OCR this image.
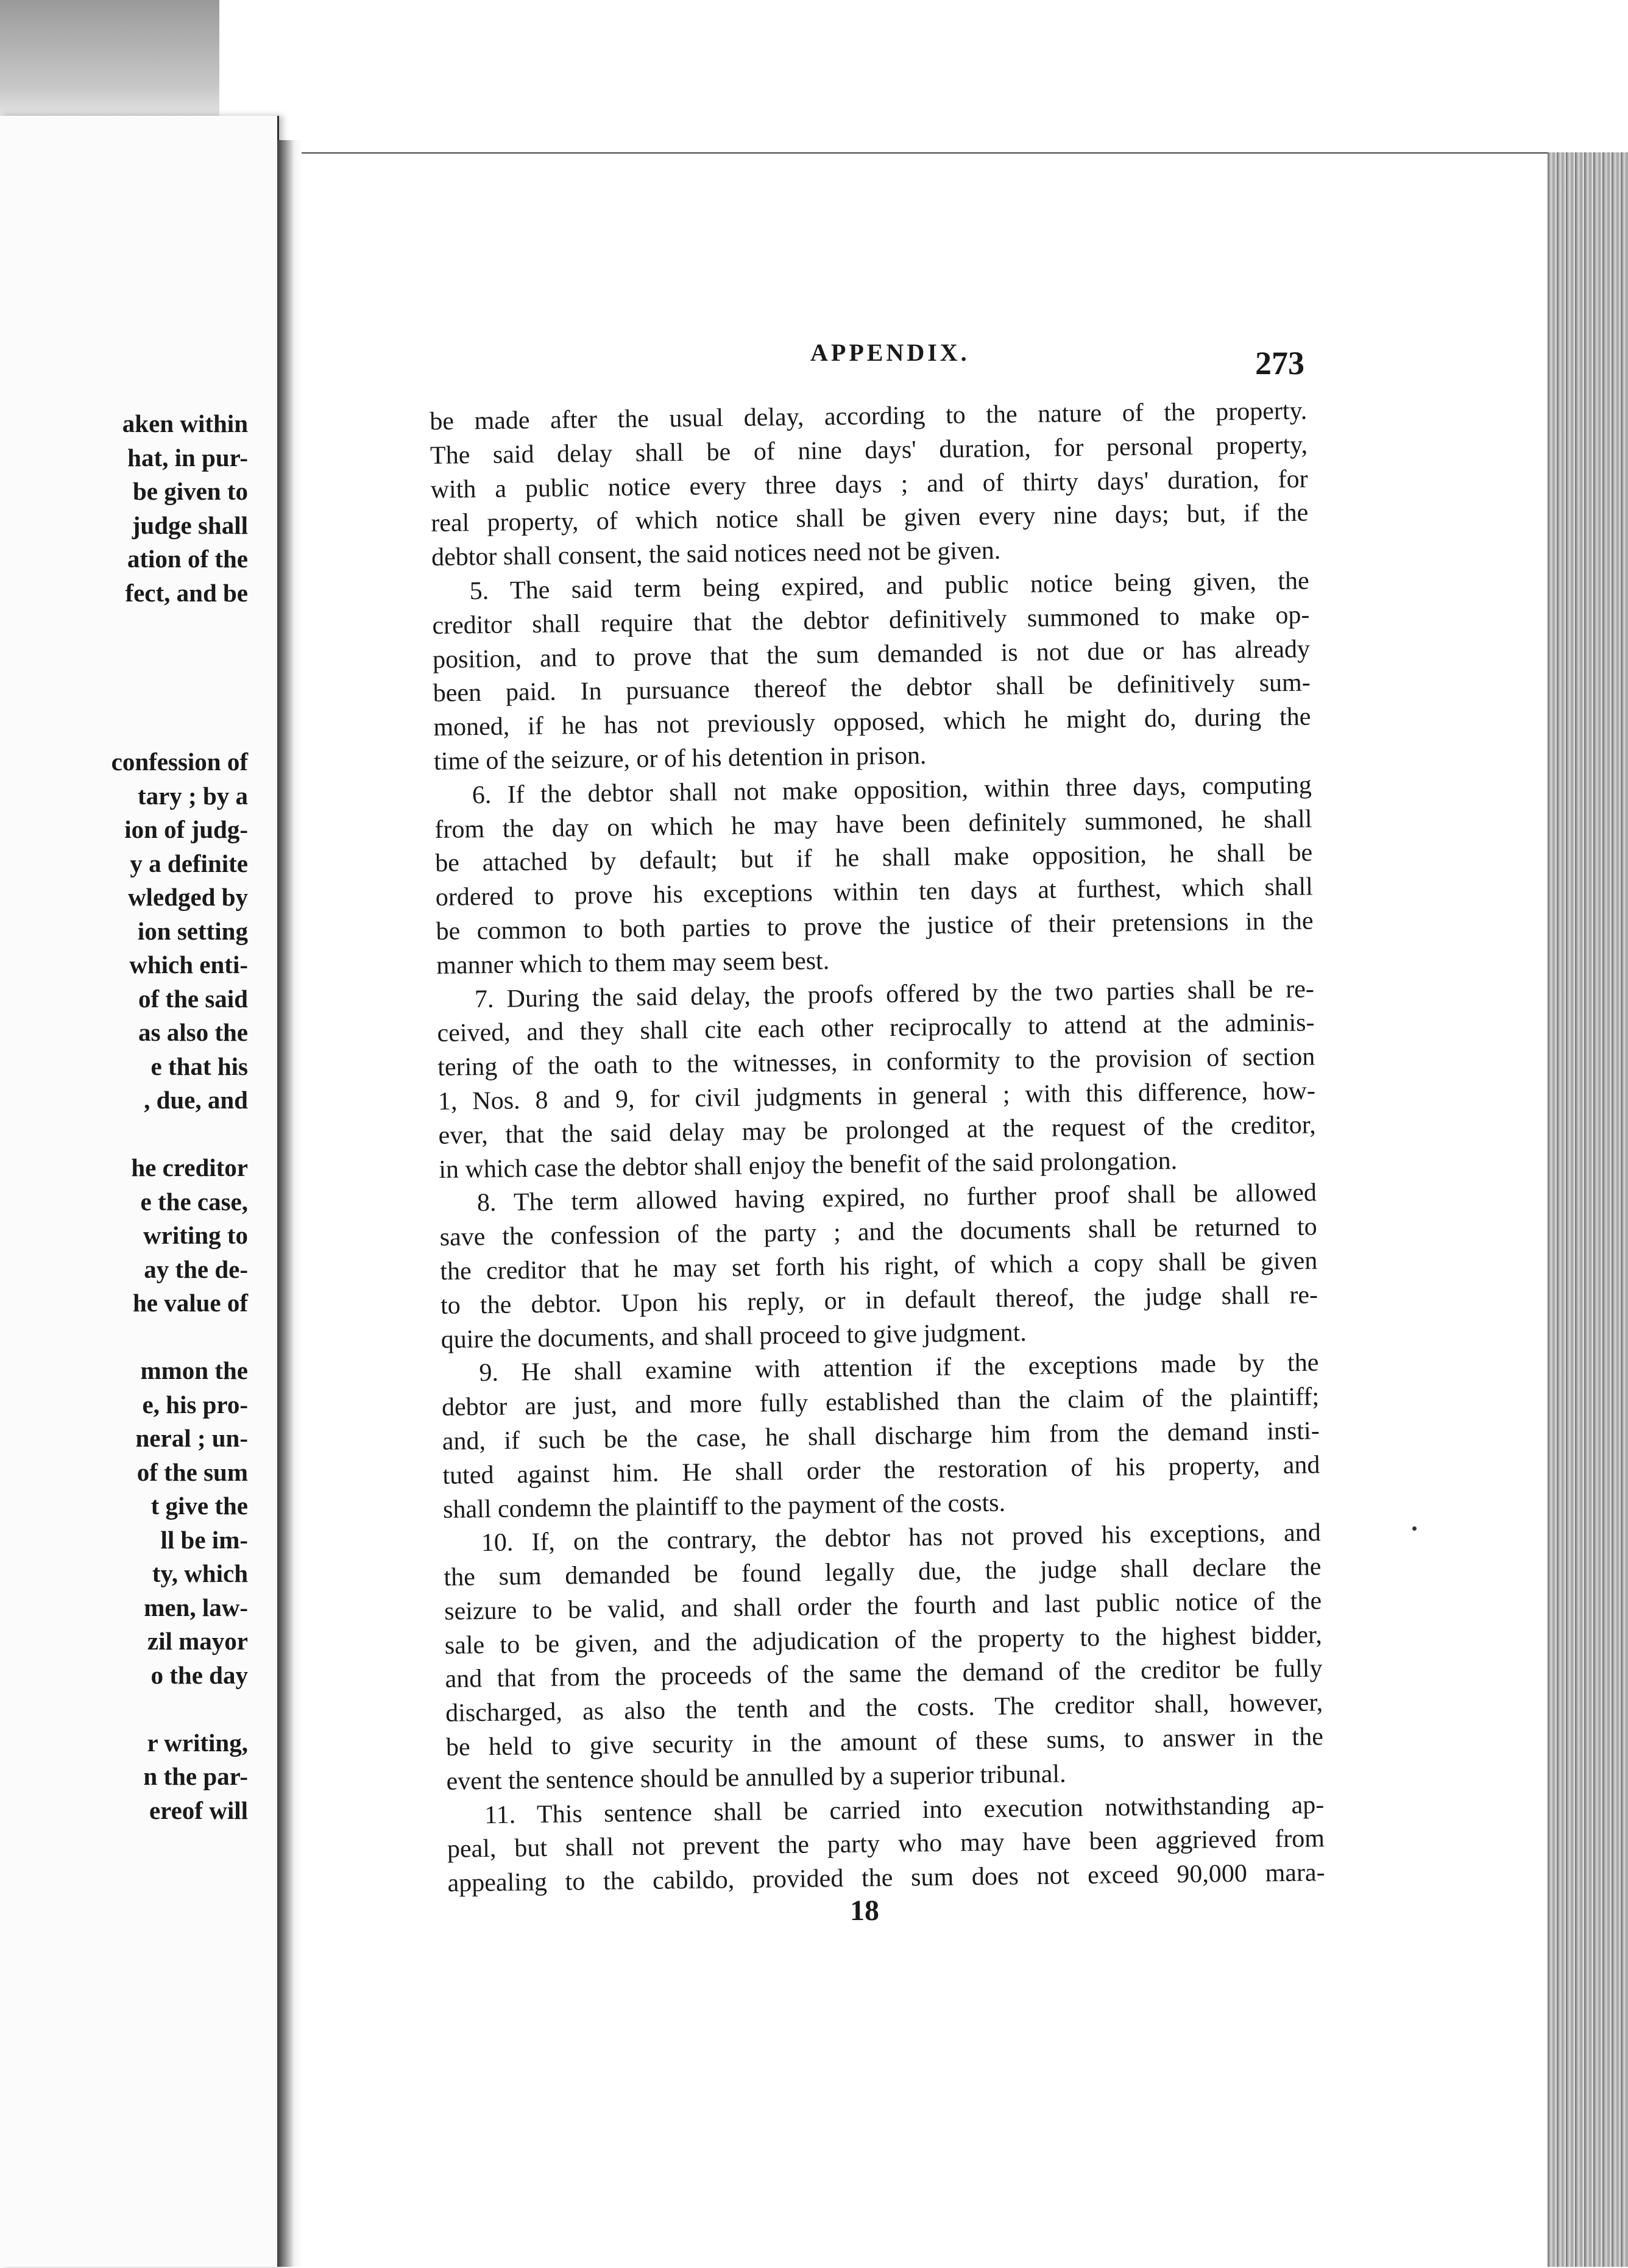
aken within
hat, in pur-
be given to
judge shall
ation of the
fect, and be

confession of
tary ; by a
ion of judg-
y a definite
wledged by
ion setting
which enti-
of the said
as also the
e that his
, due, and

he creditor
e the case,
writing to
ay the de-
he value of

mmon the
e, his pro-
neral ; un-
of the sum
t give the
ll be im-
ty, which
men, law-
zil mayor
o the day

r writing,
n the par-
ereof will
APPENDIX.	273

be made after the usual delay, according to the nature of the property.
The said delay shall be of nine days' duration, for personal property,
with a public notice every three days ; and of thirty days' duration, for
real property, of which notice shall be given every nine days; but, if the
debtor shall consent, the said notices need not be given.

5. The said term being expired, and public notice being given, the
creditor shall require that the debtor definitively summoned to make op-
position, and to prove that the sum demanded is not due or has already
been paid. In pursuance thereof the debtor shall be definitively sum-
moned, if he has not previously opposed, which he might do, during the
time of the seizure, or of his detention in prison.

6. If the debtor shall not make opposition, within three days, computing
from the day on which he may have been definitely summoned, he shall
be attached by default; but if he shall make opposition, he shall be
ordered to prove his exceptions within ten days at furthest, which shall
be common to both parties to prove the justice of their pretensions in the
manner which to them may seem best.

7. During the said delay, the proofs offered by the two parties shall be re-
ceived, and they shall cite each other reciprocally to attend at the adminis-
tering of the oath to the witnesses, in conformity to the provision of section
1, Nos. 8 and 9, for civil judgments in general ; with this difference, how-
ever, that the said delay may be prolonged at the request of the creditor,
in which case the debtor shall enjoy the benefit of the said prolongation.

8. The term allowed having expired, no further proof shall be allowed
save the confession of the party ; and the documents shall be returned to
the creditor that he may set forth his right, of which a copy shall be given
to the debtor. Upon his reply, or in default thereof, the judge shall re-
quire the documents, and shall proceed to give judgment.

9. He shall examine with attention if the exceptions made by the
debtor are just, and more fully established than the claim of the plaintiff;
and, if such be the case, he shall discharge him from the demand insti-
tuted against him. He shall order the restoration of his property, and
shall condemn the plaintiff to the payment of the costs.

10. If, on the contrary, the debtor has not proved his exceptions, and
the sum demanded be found legally due, the judge shall declare the
seizure to be valid, and shall order the fourth and last public notice of the
sale to be given, and the adjudication of the property to the highest bidder,
and that from the proceeds of the same the demand of the creditor be fully
discharged, as also the tenth and the costs. The creditor shall, however,
be held to give security in the amount of these sums, to answer in the
event the sentence should be annulled by a superior tribunal.

11. This sentence shall be carried into execution notwithstanding ap-
peal, but shall not prevent the party who may have been aggrieved from
appealing to the cabildo, provided the sum does not exceed 90,000 mara-

18
